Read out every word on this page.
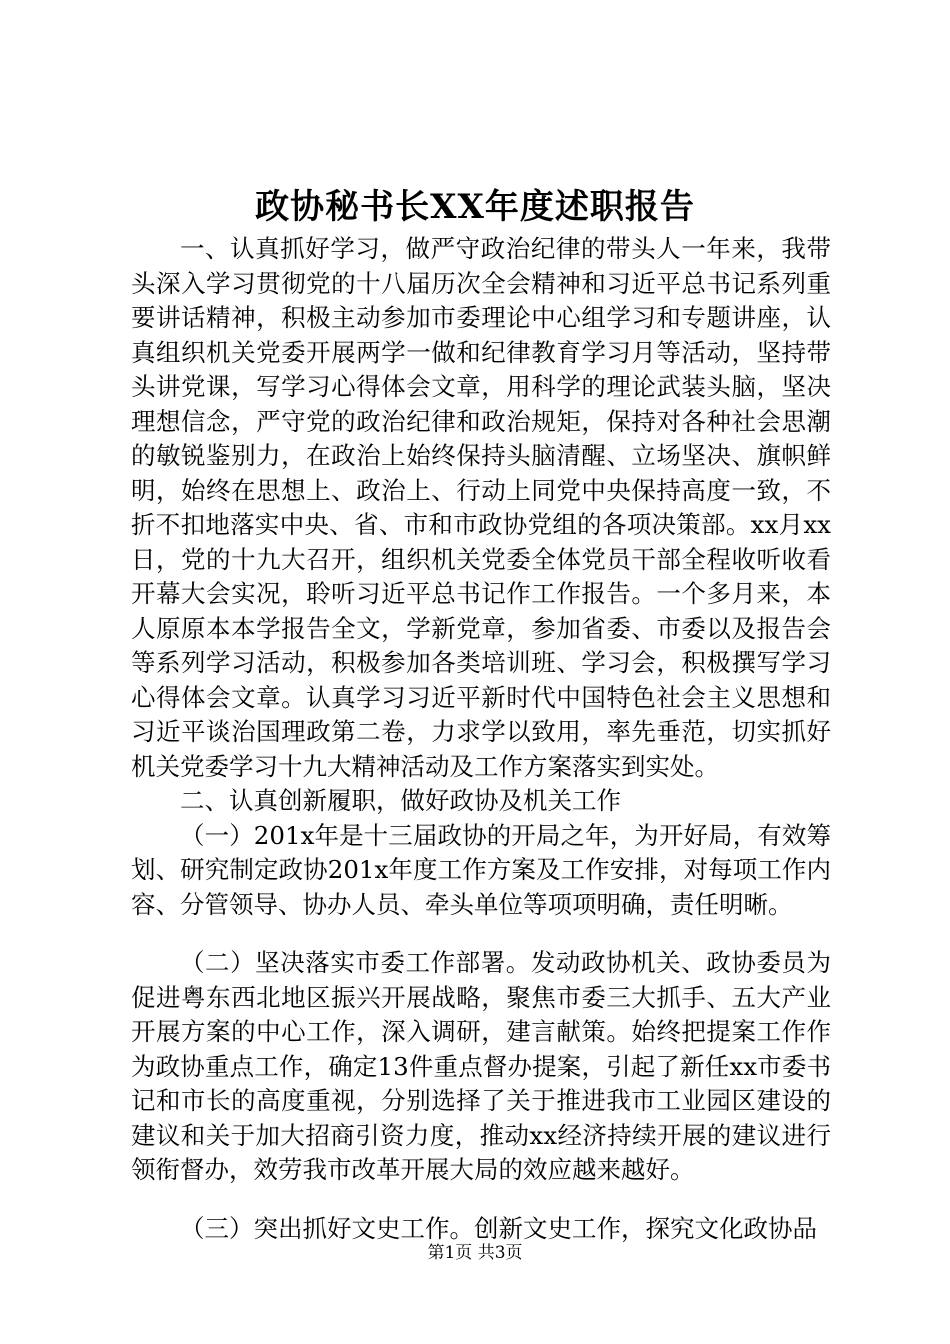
政协秘书长XX年度述职报告

一、认真抓好学习，做严守政治纪律的带头人一年来，我带头深入学习贯彻党的十八届历次全会精神和习近平总书记系列重要讲话精神，积极主动参加市委理论中心组学习和专题讲座，认真组织机关党委开展两学一做和纪律教育学习月等活动，坚持带头讲党课，写学习心得体会文章，用科学的理论武装头脑，坚决理想信念，严守党的政治纪律和政治规矩，保持对各种社会思潮的敏锐鉴别力，在政治上始终保持头脑清醒、立场坚决、旗帜鲜明，始终在思想上、政治上、行动上同党中央保持高度一致，不折不扣地落实中央、省、市和市政协党组的各项决策部。xx月xx日，党的十九大召开，组织机关党委全体党员干部全程收听收看开幕大会实况，聆听习近平总书记作工作报告。一个多月来，本人原原本本学报告全文，学新党章，参加省委、市委以及报告会等系列学习活动，积极参加各类培训班、学习会，积极撰写学习心得体会文章。认真学习习近平新时代中国特色社会主义思想和习近平谈治国理政第二卷，力求学以致用，率先垂范，切实抓好机关党委学习十九大精神活动及工作方案落实到实处。

二、认真创新履职，做好政协及机关工作

（一）201x年是十三届政协的开局之年，为开好局，有效筹划、研究制定政协201x年度工作方案及工作安排，对每项工作内容、分管领导、协办人员、牵头单位等项项明确，责任明晰。

（二）坚决落实市委工作部署。发动政协机关、政协委员为促进粤东西北地区振兴开展战略，聚焦市委三大抓手、五大产业开展方案的中心工作，深入调研，建言献策。始终把提案工作作为政协重点工作，确定13件重点督办提案，引起了新任xx市委书记和市长的高度重视，分别选择了关于推进我市工业园区建设的建议和关于加大招商引资力度，推动xx经济持续开展的建议进行领衔督办，效劳我市改革开展大局的效应越来越好。

（三）突出抓好文史工作。创新文史工作，探究文化政协品

第1页 共3页
